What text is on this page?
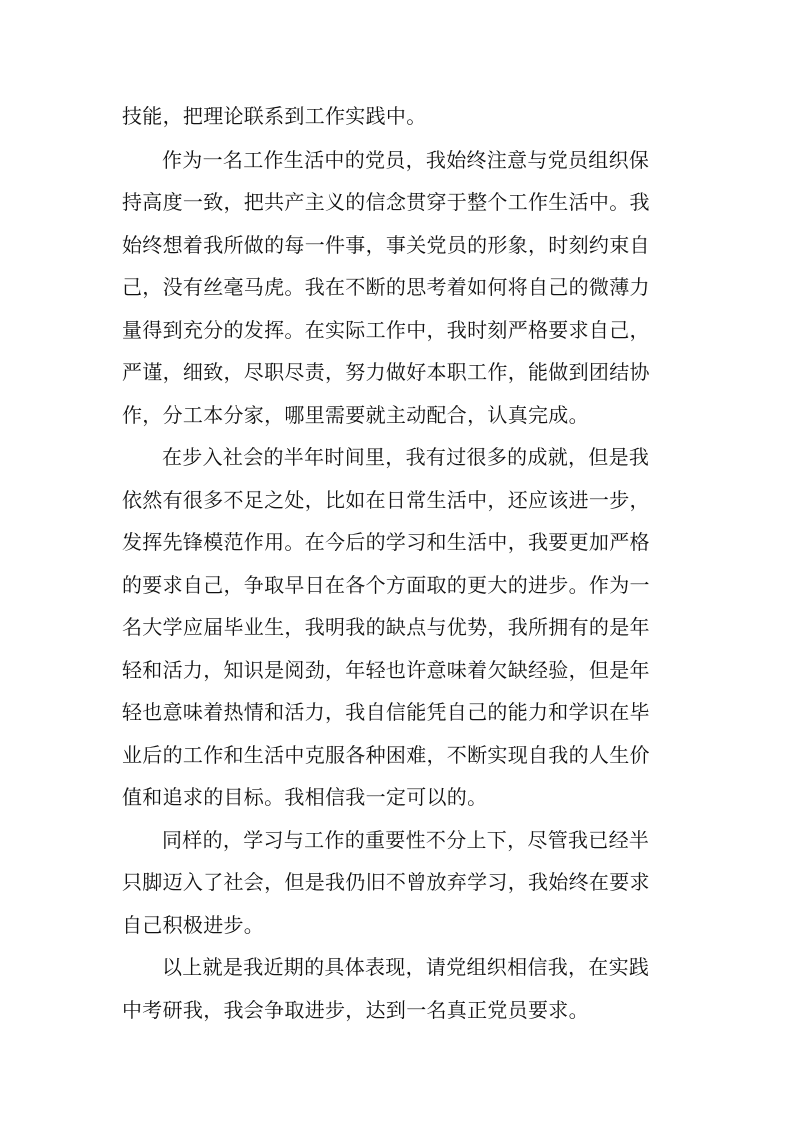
技能，把理论联系到工作实践中。
作为一名工作生活中的党员，我始终注意与党员组织保
持高度一致，把共产主义的信念贯穿于整个工作生活中。我
始终想着我所做的每一件事，事关党员的形象，时刻约束自
己，没有丝毫马虎。我在不断的思考着如何将自己的微薄力
量得到充分的发挥。在实际工作中，我时刻严格要求自己，
严谨，细致，尽职尽责，努力做好本职工作，能做到团结协
作，分工本分家，哪里需要就主动配合，认真完成。
在步入社会的半年时间里，我有过很多的成就，但是我
依然有很多不足之处，比如在日常生活中，还应该进一步，
发挥先锋模范作用。在今后的学习和生活中，我要更加严格
的要求自己，争取早日在各个方面取的更大的进步。作为一
名大学应届毕业生，我明我的缺点与优势，我所拥有的是年
轻和活力，知识是阅劲，年轻也许意味着欠缺经验，但是年
轻也意味着热情和活力，我自信能凭自己的能力和学识在毕
业后的工作和生活中克服各种困难，不断实现自我的人生价
值和追求的目标。我相信我一定可以的。
同样的，学习与工作的重要性不分上下，尽管我已经半
只脚迈入了社会，但是我仍旧不曾放弃学习，我始终在要求
自己积极进步。
以上就是我近期的具体表现，请党组织相信我，在实践
中考研我，我会争取进步，达到一名真正党员要求。
